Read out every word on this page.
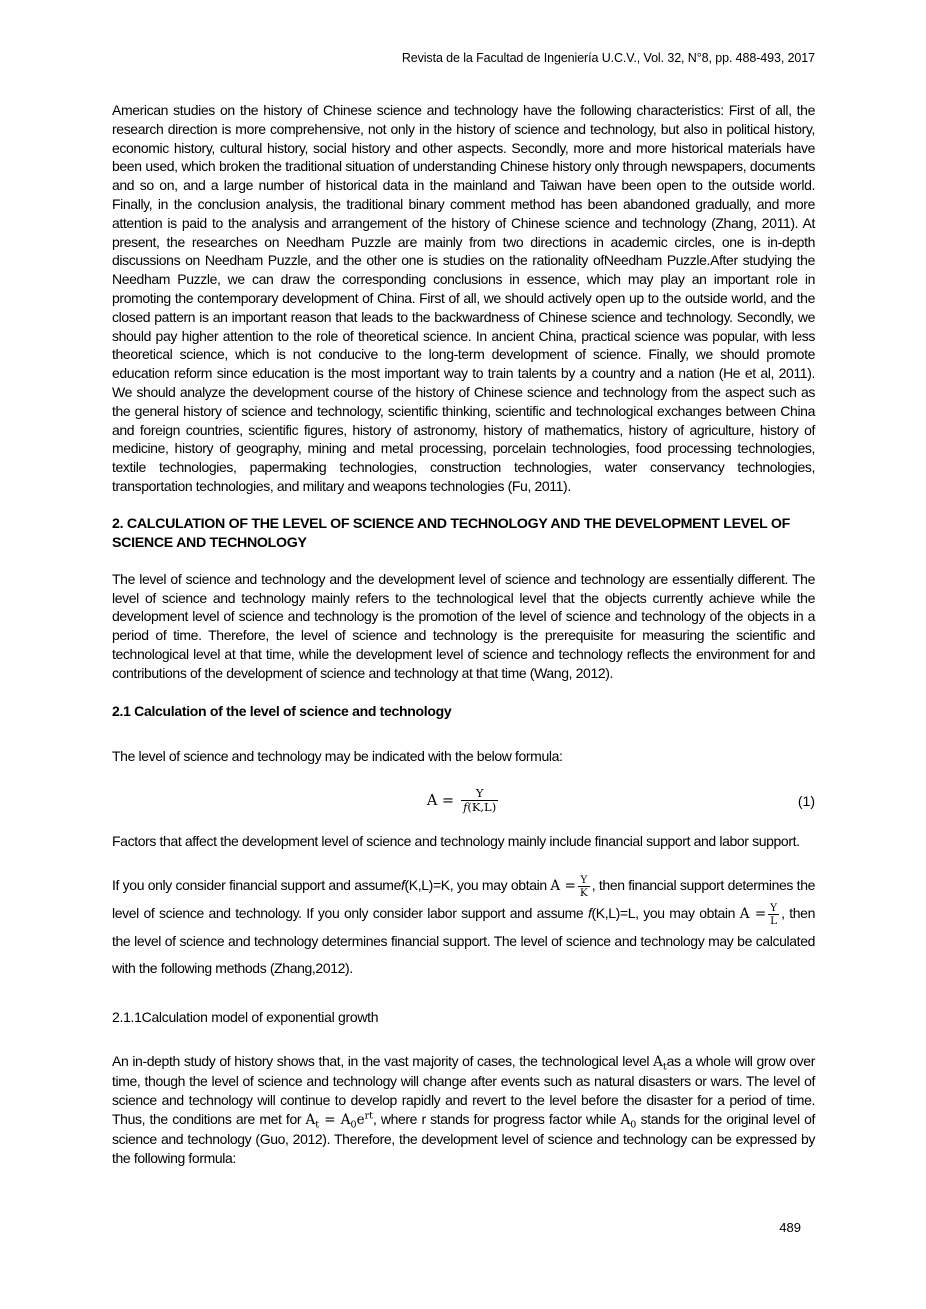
Revista de la Facultad de Ingeniería U.C.V., Vol. 32, N°8, pp. 488-493, 2017

American studies on the history of Chinese science and technology have the following characteristics: First of all, the research direction is more comprehensive, not only in the history of science and technology, but also in political history, economic history, cultural history, social history and other aspects. Secondly, more and more historical materials have been used, which broken the traditional situation of understanding Chinese history only through newspapers, documents and so on, and a large number of historical data in the mainland and Taiwan have been open to the outside world. Finally, in the conclusion analysis, the traditional binary comment method has been abandoned gradually, and more attention is paid to the analysis and arrangement of the history of Chinese science and technology (Zhang, 2011). At present, the researches on Needham Puzzle are mainly from two directions in academic circles, one is in-depth discussions on Needham Puzzle, and the other one is studies on the rationality ofNeedham Puzzle.After studying the Needham Puzzle, we can draw the corresponding conclusions in essence, which may play an important role in promoting the contemporary development of China. First of all, we should actively open up to the outside world, and the closed pattern is an important reason that leads to the backwardness of Chinese science and technology. Secondly, we should pay higher attention to the role of theoretical science. In ancient China, practical science was popular, with less theoretical science, which is not conducive to the long-term development of science. Finally, we should promote education reform since education is the most important way to train talents by a country and a nation (He et al, 2011). We should analyze the development course of the history of Chinese science and technology from the aspect such as the general history of science and technology, scientific thinking, scientific and technological exchanges between China and foreign countries, scientific figures, history of astronomy, history of mathematics, history of agriculture, history of medicine, history of geography, mining and metal processing, porcelain technologies, food processing technologies, textile technologies, papermaking technologies, construction technologies, water conservancy technologies, transportation technologies, and military and weapons technologies (Fu, 2011).

2. CALCULATION OF THE LEVEL OF SCIENCE AND TECHNOLOGY AND THE DEVELOPMENT LEVEL OF SCIENCE AND TECHNOLOGY

The level of science and technology and the development level of science and technology are essentially different. The level of science and technology mainly refers to the technological level that the objects currently achieve while the development level of science and technology is the promotion of the level of science and technology of the objects in a period of time. Therefore, the level of science and technology is the prerequisite for measuring the scientific and technological level at that time, while the development level of science and technology reflects the environment for and contributions of the development of science and technology at that time (Wang, 2012).

2.1 Calculation of the level of science and technology

The level of science and technology may be indicated with the below formula:

$A = \frac{Y}{f(K,L)}$	(1)

Factors that affect the development level of science and technology mainly include financial support and labor support.

If you only consider financial support and assumef(K,L)=K, you may obtain $A = \frac{Y}{K}$ , then financial support determines the level of science and technology. If you only consider labor support and assume f(K,L)=L, you may obtain $A = \frac{Y}{L}$ , then the level of science and technology determines financial support. The level of science and technology may be calculated with the following methods (Zhang,2012).

2.1.1Calculation model of exponential growth

An in-depth study of history shows that, in the vast majority of cases, the technological level $A_tas$ a whole will grow over time, though the level of science and technology will change after events such as natural disasters or wars. The level of science and technology will continue to develop rapidly and revert to the level before the disaster for a period of time. Thus, the conditions are met for $A_t = A_0e^{rt}$, where r stands for progress factor while $A_0$ stands for the original level of science and technology (Guo, 2012). Therefore, the development level of science and technology can be expressed by the following formula:

489
